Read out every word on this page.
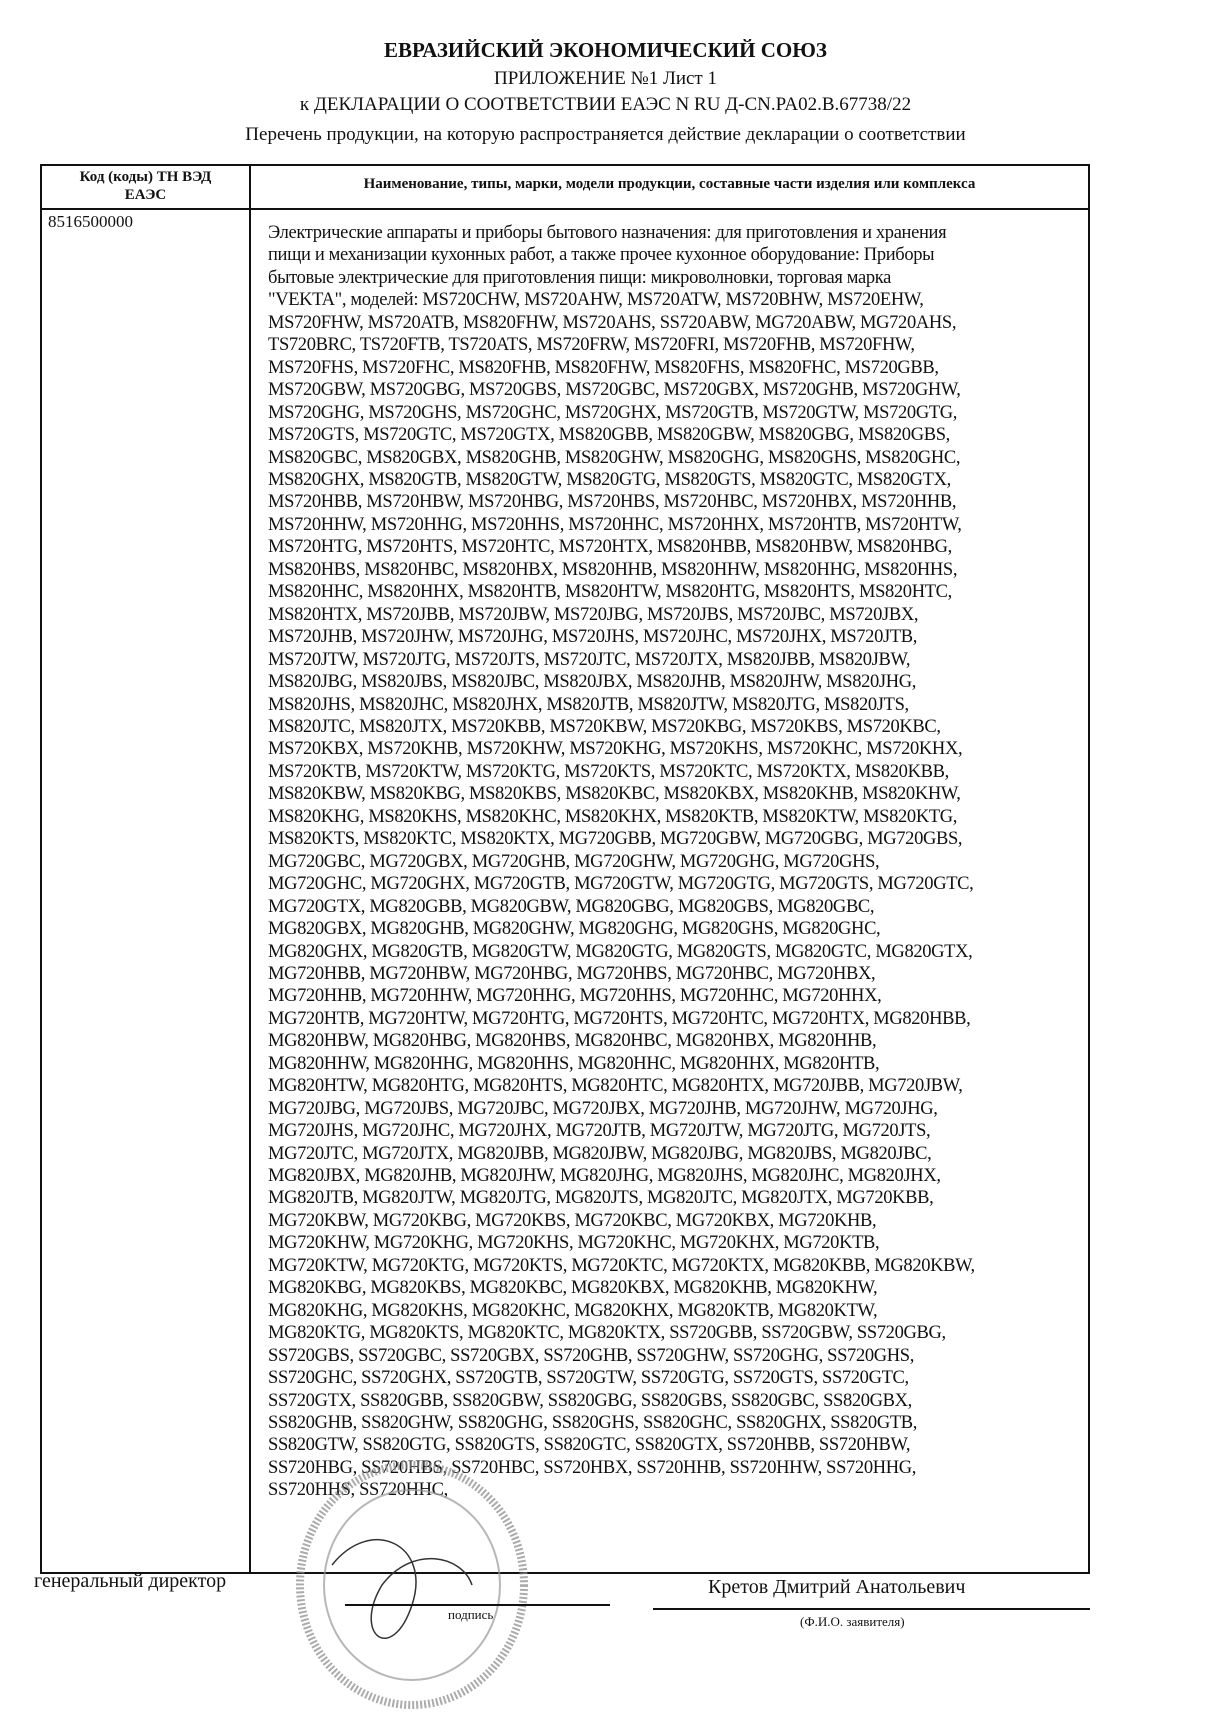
ЕВРАЗИЙСКИЙ ЭКОНОМИЧЕСКИЙ СОЮЗ
ПРИЛОЖЕНИЕ №1 Лист 1
к ДЕКЛАРАЦИИ О СООТВЕТСТВИИ ЕАЭС N RU Д-CN.PA02.B.67738/22
Перечень продукции, на которую распространяется действие декларации о соответствии
Код (коды) ТН ВЭД
ЕАЭС
Наименование, типы, марки, модели продукции, составные части изделия или комплекса
8516500000
Электрические аппараты и приборы бытового назначения: для приготовления и хранения
пищи и механизации кухонных работ, а также прочее кухонное оборудование: Приборы
бытовые электрические для приготовления пищи: микроволновки, торговая марка
"VEKTA", моделей: MS720CHW, MS720AHW, MS720ATW, MS720BHW, MS720EHW,
MS720FHW, MS720ATB, MS820FHW, MS720AHS, SS720ABW, MG720ABW, MG720AHS,
TS720BRC, TS720FTB, TS720ATS, MS720FRW, MS720FRI, MS720FHB, MS720FHW,
MS720FHS, MS720FHC, MS820FHB, MS820FHW, MS820FHS, MS820FHC, MS720GBB,
MS720GBW, MS720GBG, MS720GBS, MS720GBC, MS720GBX, MS720GHB, MS720GHW,
MS720GHG, MS720GHS, MS720GHC, MS720GHX, MS720GTB, MS720GTW, MS720GTG,
MS720GTS, MS720GTC, MS720GTX, MS820GBB, MS820GBW, MS820GBG, MS820GBS,
MS820GBC, MS820GBX, MS820GHB, MS820GHW, MS820GHG, MS820GHS, MS820GHC,
MS820GHX, MS820GTB, MS820GTW, MS820GTG, MS820GTS, MS820GTC, MS820GTX,
MS720HBB, MS720HBW, MS720HBG, MS720HBS, MS720HBC, MS720HBX, MS720HHB,
MS720HHW, MS720HHG, MS720HHS, MS720HHC, MS720HHX, MS720HTB, MS720HTW,
MS720HTG, MS720HTS, MS720HTC, MS720HTX, MS820HBB, MS820HBW, MS820HBG,
MS820HBS, MS820HBC, MS820HBX, MS820HHB, MS820HHW, MS820HHG, MS820HHS,
MS820HHC, MS820HHX, MS820HTB, MS820HTW, MS820HTG, MS820HTS, MS820HTC,
MS820HTX, MS720JBB, MS720JBW, MS720JBG, MS720JBS, MS720JBC, MS720JBX,
MS720JHB, MS720JHW, MS720JHG, MS720JHS, MS720JHC, MS720JHX, MS720JTB,
MS720JTW, MS720JTG, MS720JTS, MS720JTC, MS720JTX, MS820JBB, MS820JBW,
MS820JBG, MS820JBS, MS820JBC, MS820JBX, MS820JHB, MS820JHW, MS820JHG,
MS820JHS, MS820JHC, MS820JHX, MS820JTB, MS820JTW, MS820JTG, MS820JTS,
MS820JTC, MS820JTX, MS720KBB, MS720KBW, MS720KBG, MS720KBS, MS720KBC,
MS720KBX, MS720KHB, MS720KHW, MS720KHG, MS720KHS, MS720KHC, MS720KHX,
MS720KTB, MS720KTW, MS720KTG, MS720KTS, MS720KTC, MS720KTX, MS820KBB,
MS820KBW, MS820KBG, MS820KBS, MS820KBC, MS820KBX, MS820KHB, MS820KHW,
MS820KHG, MS820KHS, MS820KHC, MS820KHX, MS820KTB, MS820KTW, MS820KTG,
MS820KTS, MS820KTC, MS820KTX, MG720GBB, MG720GBW, MG720GBG, MG720GBS,
MG720GBC, MG720GBX, MG720GHB, MG720GHW, MG720GHG, MG720GHS,
MG720GHC, MG720GHX, MG720GTB, MG720GTW, MG720GTG, MG720GTS, MG720GTC,
MG720GTX, MG820GBB, MG820GBW, MG820GBG, MG820GBS, MG820GBC,
MG820GBX, MG820GHB, MG820GHW, MG820GHG, MG820GHS, MG820GHC,
MG820GHX, MG820GTB, MG820GTW, MG820GTG, MG820GTS, MG820GTC, MG820GTX,
MG720HBB, MG720HBW, MG720HBG, MG720HBS, MG720HBC, MG720HBX,
MG720HHB, MG720HHW, MG720HHG, MG720HHS, MG720HHC, MG720HHX,
MG720HTB, MG720HTW, MG720HTG, MG720HTS, MG720HTC, MG720HTX, MG820HBB,
MG820HBW, MG820HBG, MG820HBS, MG820HBC, MG820HBX, MG820HHB,
MG820HHW, MG820HHG, MG820HHS, MG820HHC, MG820HHX, MG820HTB,
MG820HTW, MG820HTG, MG820HTS, MG820HTC, MG820HTX, MG720JBB, MG720JBW,
MG720JBG, MG720JBS, MG720JBC, MG720JBX, MG720JHB, MG720JHW, MG720JHG,
MG720JHS, MG720JHC, MG720JHX, MG720JTB, MG720JTW, MG720JTG, MG720JTS,
MG720JTC, MG720JTX, MG820JBB, MG820JBW, MG820JBG, MG820JBS, MG820JBC,
MG820JBX, MG820JHB, MG820JHW, MG820JHG, MG820JHS, MG820JHC, MG820JHX,
MG820JTB, MG820JTW, MG820JTG, MG820JTS, MG820JTC, MG820JTX, MG720KBB,
MG720KBW, MG720KBG, MG720KBS, MG720KBC, MG720KBX, MG720KHB,
MG720KHW, MG720KHG, MG720KHS, MG720KHC, MG720KHX, MG720KTB,
MG720KTW, MG720KTG, MG720KTS, MG720KTC, MG720KTX, MG820KBB, MG820KBW,
MG820KBG, MG820KBS, MG820KBC, MG820KBX, MG820KHB, MG820KHW,
MG820KHG, MG820KHS, MG820KHC, MG820KHX, MG820KTB, MG820KTW,
MG820KTG, MG820KTS, MG820KTC, MG820KTX, SS720GBB, SS720GBW, SS720GBG,
SS720GBS, SS720GBC, SS720GBX, SS720GHB, SS720GHW, SS720GHG, SS720GHS,
SS720GHC, SS720GHX, SS720GTB, SS720GTW, SS720GTG, SS720GTS, SS720GTC,
SS720GTX, SS820GBB, SS820GBW, SS820GBG, SS820GBS, SS820GBC, SS820GBX,
SS820GHB, SS820GHW, SS820GHG, SS820GHS, SS820GHC, SS820GHX, SS820GTB,
SS820GTW, SS820GTG, SS820GTS, SS820GTC, SS820GTX, SS720HBB, SS720HBW,
SS720HBG, SS720HBS, SS720HBC, SS720HBX, SS720HHB, SS720HHW, SS720HHG,
SS720HHS, SS720HHC,
генеральный директор
подпись
Кретов Дмитрий Анатольевич
(Ф.И.О. заявителя)
